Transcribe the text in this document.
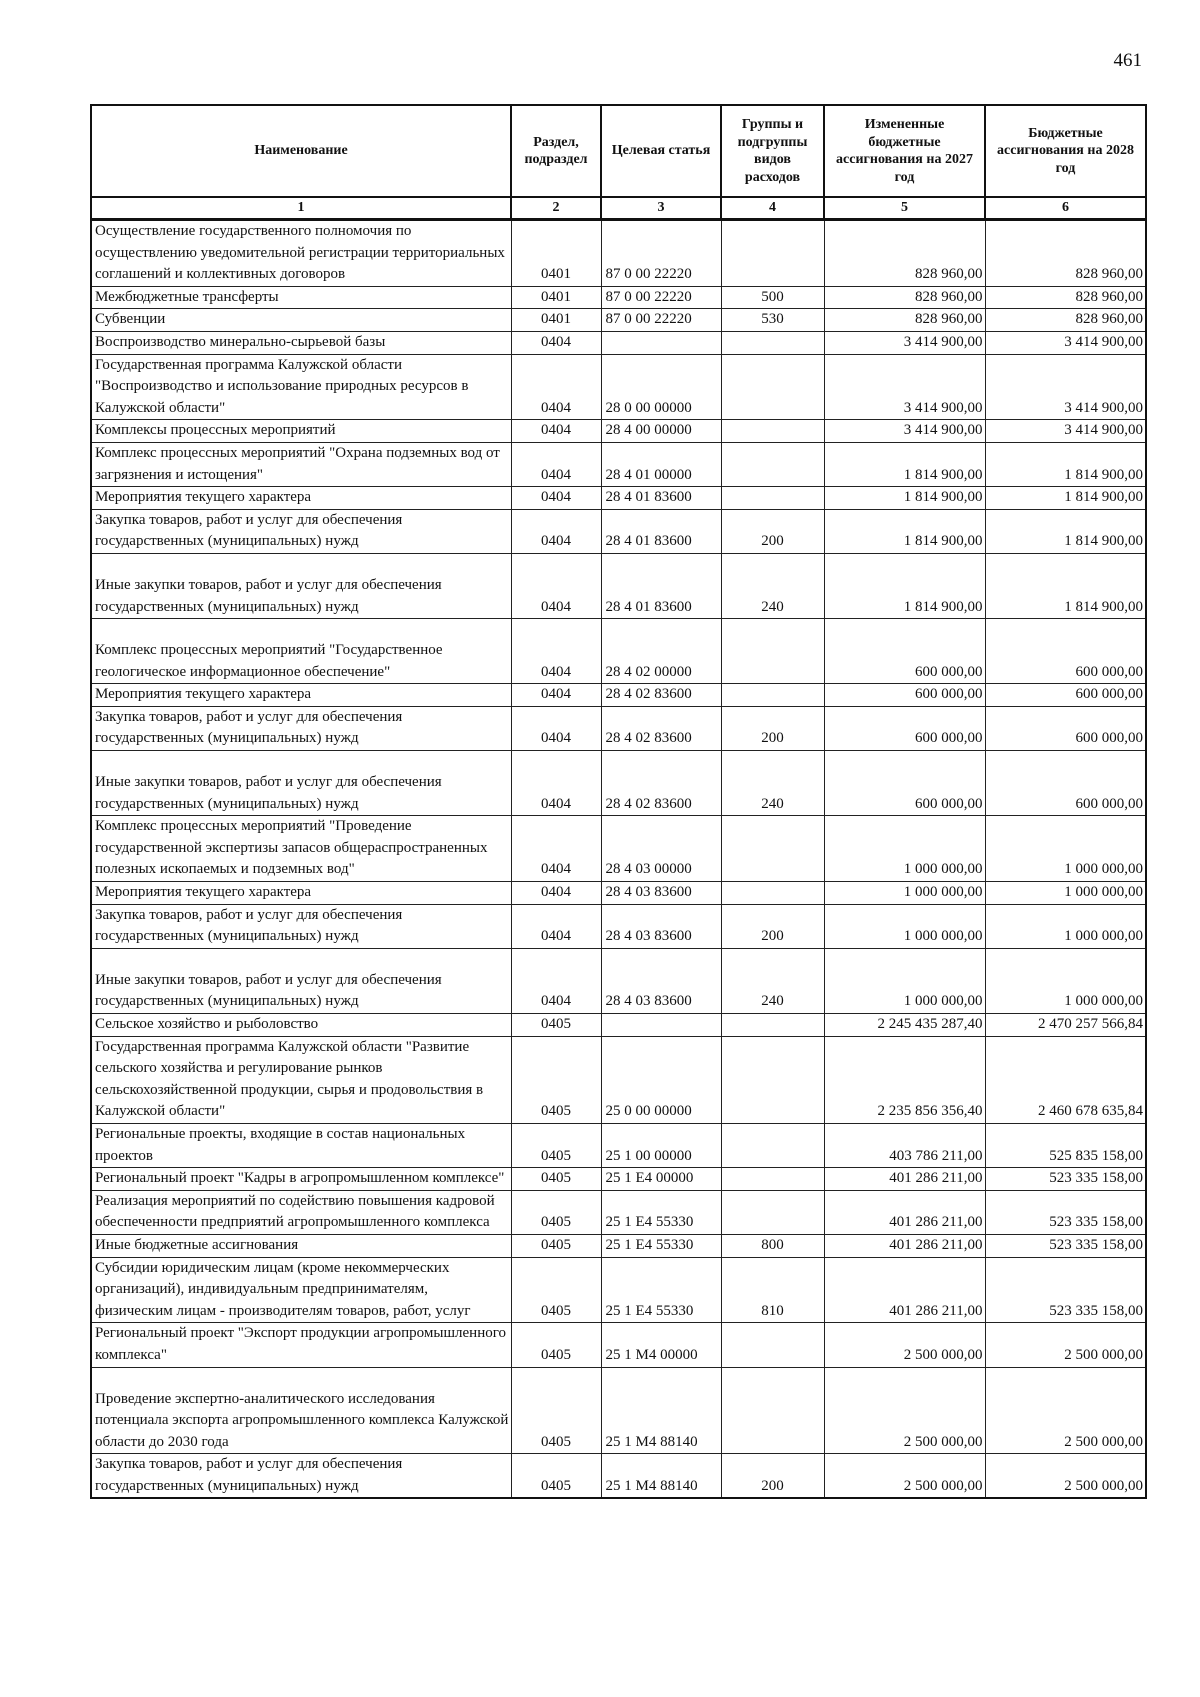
461
Наименование	Раздел, подраздел	Целевая статья	Группы и подгруппы видов расходов	Измененные бюджетные ассигнования на 2027 год	Бюджетные ассигнования на 2028 год
1	2	3	4	5	6
Осуществление государственного полномочия по осуществлению уведомительной регистрации территориальных соглашений и коллективных договоров	0401	87 0 00 22220		828 960,00	828 960,00
Межбюджетные трансферты	0401	87 0 00 22220	500	828 960,00	828 960,00
Субвенции	0401	87 0 00 22220	530	828 960,00	828 960,00
Воспроизводство минерально-сырьевой базы	0404			3 414 900,00	3 414 900,00
Государственная программа Калужской области "Воспроизводство и использование природных ресурсов в Калужской области"	0404	28 0 00 00000		3 414 900,00	3 414 900,00
Комплексы процессных мероприятий	0404	28 4 00 00000		3 414 900,00	3 414 900,00
Комплекс процессных мероприятий "Охрана подземных вод от загрязнения и истощения"	0404	28 4 01 00000		1 814 900,00	1 814 900,00
Мероприятия текущего характера	0404	28 4 01 83600		1 814 900,00	1 814 900,00
Закупка товаров, работ и услуг для обеспечения государственных (муниципальных) нужд	0404	28 4 01 83600	200	1 814 900,00	1 814 900,00
Иные закупки товаров, работ и услуг для обеспечения государственных (муниципальных) нужд	0404	28 4 01 83600	240	1 814 900,00	1 814 900,00
Комплекс процессных мероприятий "Государственное геологическое информационное обеспечение"	0404	28 4 02 00000		600 000,00	600 000,00
Мероприятия текущего характера	0404	28 4 02 83600		600 000,00	600 000,00
Закупка товаров, работ и услуг для обеспечения государственных (муниципальных) нужд	0404	28 4 02 83600	200	600 000,00	600 000,00
Иные закупки товаров, работ и услуг для обеспечения государственных (муниципальных) нужд	0404	28 4 02 83600	240	600 000,00	600 000,00
Комплекс процессных мероприятий "Проведение государственной экспертизы запасов общераспространенных полезных ископаемых и подземных вод"	0404	28 4 03 00000		1 000 000,00	1 000 000,00
Мероприятия текущего характера	0404	28 4 03 83600		1 000 000,00	1 000 000,00
Закупка товаров, работ и услуг для обеспечения государственных (муниципальных) нужд	0404	28 4 03 83600	200	1 000 000,00	1 000 000,00
Иные закупки товаров, работ и услуг для обеспечения государственных (муниципальных) нужд	0404	28 4 03 83600	240	1 000 000,00	1 000 000,00
Сельское хозяйство и рыболовство	0405			2 245 435 287,40	2 470 257 566,84
Государственная программа Калужской области "Развитие сельского хозяйства и регулирование рынков сельскохозяйственной продукции, сырья и продовольствия в Калужской области"	0405	25 0 00 00000		2 235 856 356,40	2 460 678 635,84
Региональные проекты, входящие в состав национальных проектов	0405	25 1 00 00000		403 786 211,00	525 835 158,00
Региональный проект "Кадры в агропромышленном комплексе"	0405	25 1 E4 00000		401 286 211,00	523 335 158,00
Реализация мероприятий по содействию повышения кадровой обеспеченности предприятий агропромышленного комплекса	0405	25 1 E4 55330		401 286 211,00	523 335 158,00
Иные бюджетные ассигнования	0405	25 1 E4 55330	800	401 286 211,00	523 335 158,00
Субсидии юридическим лицам (кроме некоммерческих организаций), индивидуальным предпринимателям, физическим лицам - производителям товаров, работ, услуг	0405	25 1 E4 55330	810	401 286 211,00	523 335 158,00
Региональный проект "Экспорт продукции агропромышленного комплекса"	0405	25 1 M4 00000		2 500 000,00	2 500 000,00
Проведение экспертно-аналитического исследования потенциала экспорта агропромышленного комплекса Калужской области до 2030 года	0405	25 1 M4 88140		2 500 000,00	2 500 000,00
Закупка товаров, работ и услуг для обеспечения государственных (муниципальных) нужд	0405	25 1 M4 88140	200	2 500 000,00	2 500 000,00
